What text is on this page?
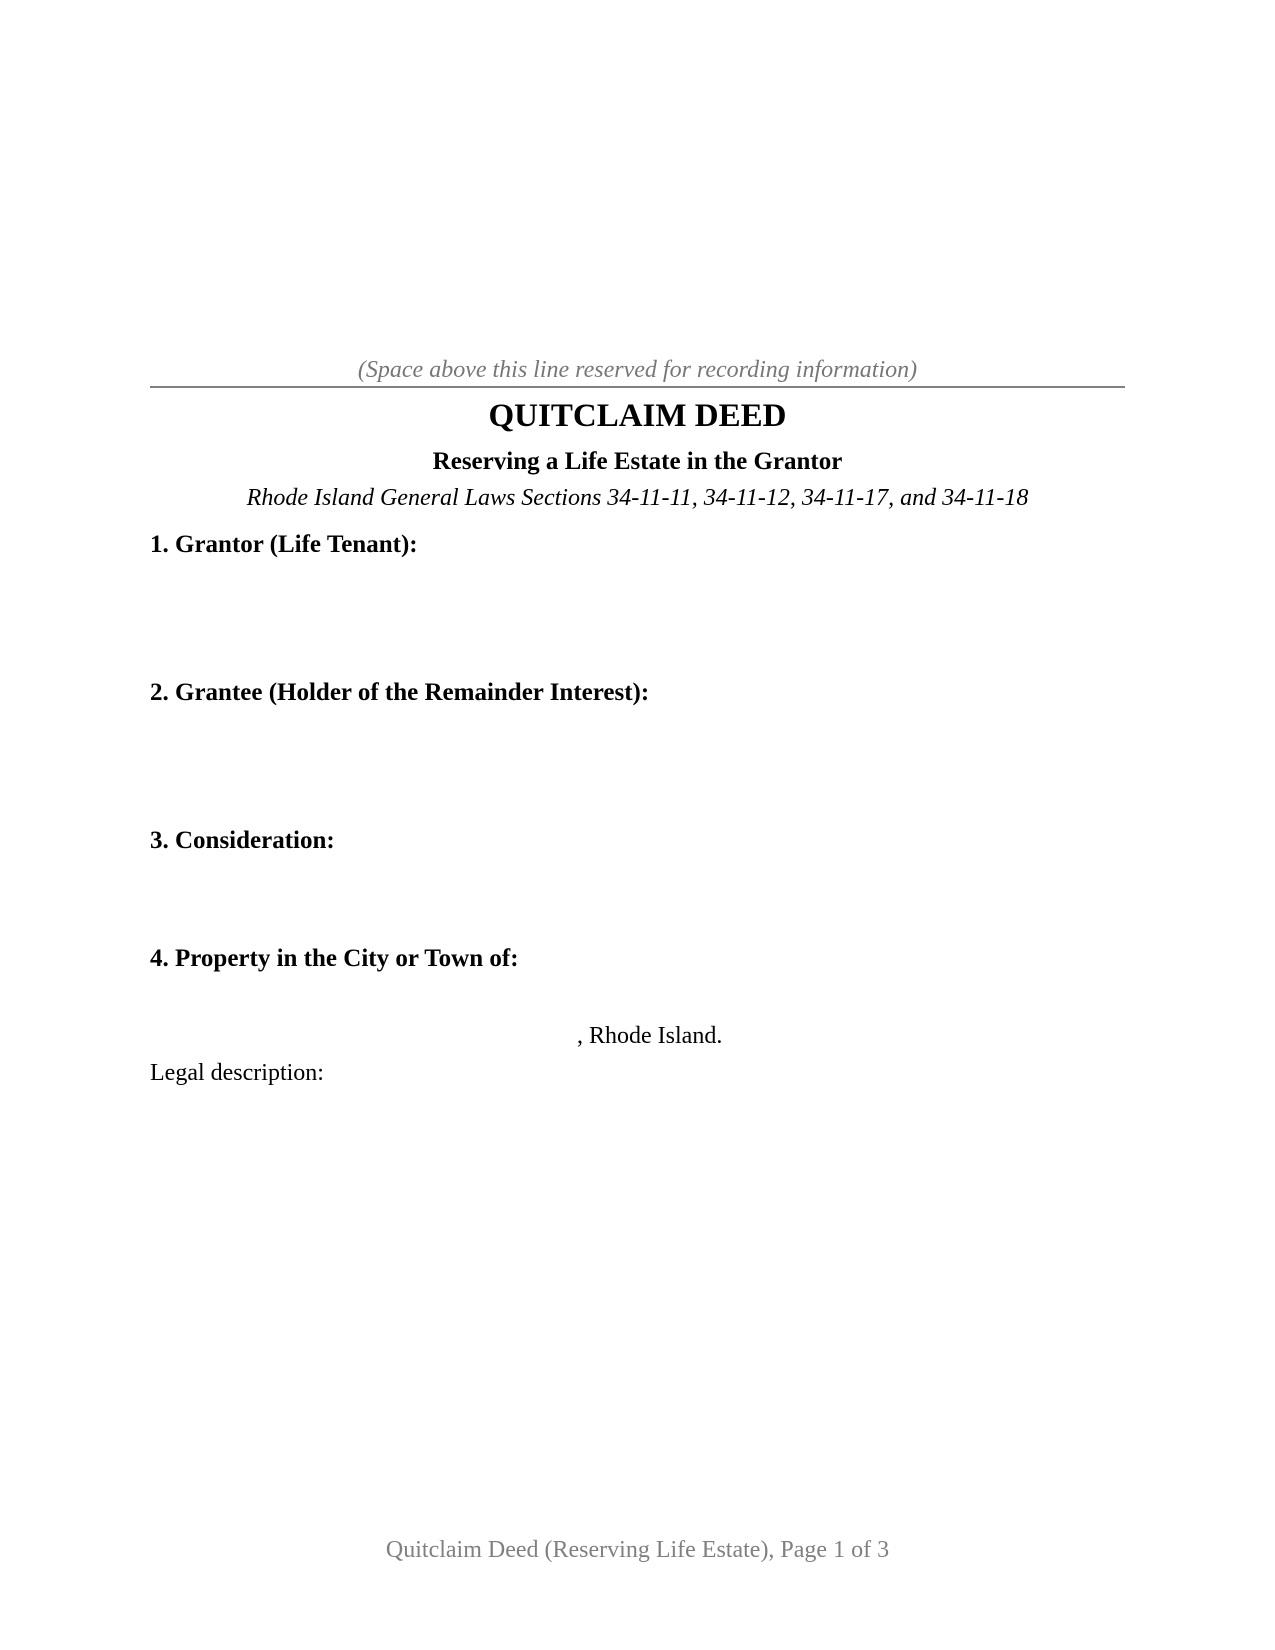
(Space above this line reserved for recording information)
QUITCLAIM DEED
Reserving a Life Estate in the Grantor
Rhode Island General Laws Sections 34-11-11, 34-11-12, 34-11-17, and 34-11-18
1. Grantor (Life Tenant):
2. Grantee (Holder of the Remainder Interest):
3. Consideration:
4. Property in the City or Town of:
, Rhode Island.
Legal description:
Quitclaim Deed (Reserving Life Estate), Page 1 of 3
